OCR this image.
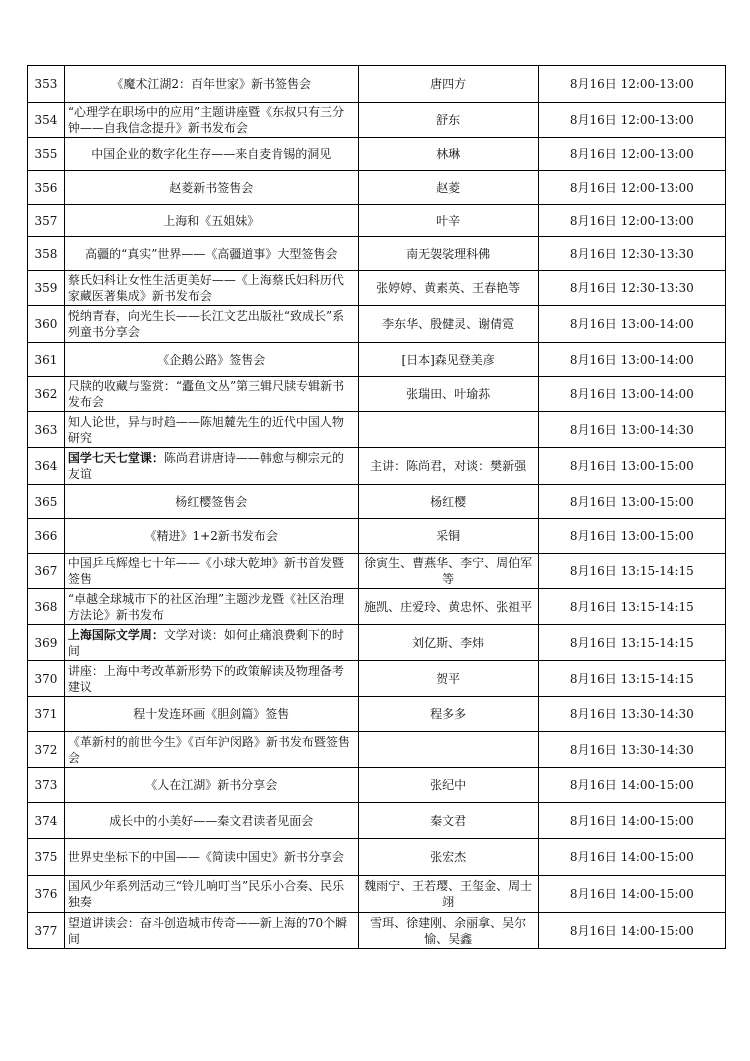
353	《魔术江湖2：百年世家》新书签售会	唐四方	8月16日 12:00-13:00
354	“心理学在职场中的应用”主题讲座暨《东叔只有三分钟——自我信念提升》新书发布会	舒东	8月16日 12:00-13:00
355	中国企业的数字化生存——来自麦肯锡的洞见	林琳	8月16日 12:00-13:00
356	赵菱新书签售会	赵菱	8月16日 12:00-13:00
357	上海和《五姐妹》	叶辛	8月16日 12:00-13:00
358	高疆的“真实”世界——《高疆道事》大型签售会	南无袈裟理科佛	8月16日 12:30-13:30
359	蔡氏妇科让女性生活更美好——《上海蔡氏妇科历代家藏医著集成》新书发布会	张婷婷、黄素英、王春艳等	8月16日 12:30-13:30
360	悦纳青春，向光生长——长江文艺出版社“致成长”系列童书分享会	李东华、殷健灵、谢倩霓	8月16日 13:00-14:00
361	《企鹅公路》签售会	[日本]森见登美彦	8月16日 13:00-14:00
362	尺牍的收藏与鉴赏：“蠹鱼文丛”第三辑尺牍专辑新书发布会	张瑞田、叶瑜荪	8月16日 13:00-14:00
363	知人论世，异与时趋——陈旭麓先生的近代中国人物研究		8月16日 13:00-14:30
364	国学七天七堂课：陈尚君讲唐诗——韩愈与柳宗元的友谊	主讲：陈尚君，对谈：樊新强	8月16日 13:00-15:00
365	杨红樱签售会	杨红樱	8月16日 13:00-15:00
366	《精进》1+2新书发布会	采铜	8月16日 13:00-15:00
367	中国乒乓辉煌七十年——《小球大乾坤》新书首发暨签售	徐寅生、曹燕华、李宁、周伯军等	8月16日 13:15-14:15
368	“卓越全球城市下的社区治理”主题沙龙暨《社区治理方法论》新书发布	施凯、庄爱玲、黄忠怀、张祖平	8月16日 13:15-14:15
369	上海国际文学周：文学对谈：如何止痛浪费剩下的时间	刘亿斯、李炜	8月16日 13:15-14:15
370	讲座：上海中考改革新形势下的政策解读及物理备考建议	贺平	8月16日 13:15-14:15
371	程十发连环画《胆剑篇》签售	程多多	8月16日 13:30-14:30
372	《革新村的前世今生》《百年沪闵路》新书发布暨签售会		8月16日 13:30-14:30
373	《人在江湖》新书分享会	张纪中	8月16日 14:00-15:00
374	成长中的小美好——秦文君读者见面会	秦文君	8月16日 14:00-15:00
375	世界史坐标下的中国——《简读中国史》新书分享会	张宏杰	8月16日 14:00-15:00
376	国风少年系列活动三“铃儿响叮当”民乐小合奏、民乐独奏	魏雨宁、王若璎、王玺金、周士翊	8月16日 14:00-15:00
377	望道讲读会：奋斗创造城市传奇——新上海的70个瞬间	雪珥、徐建刚、余丽拿、吴尔愉、吴鑫	8月16日 14:00-15:00
